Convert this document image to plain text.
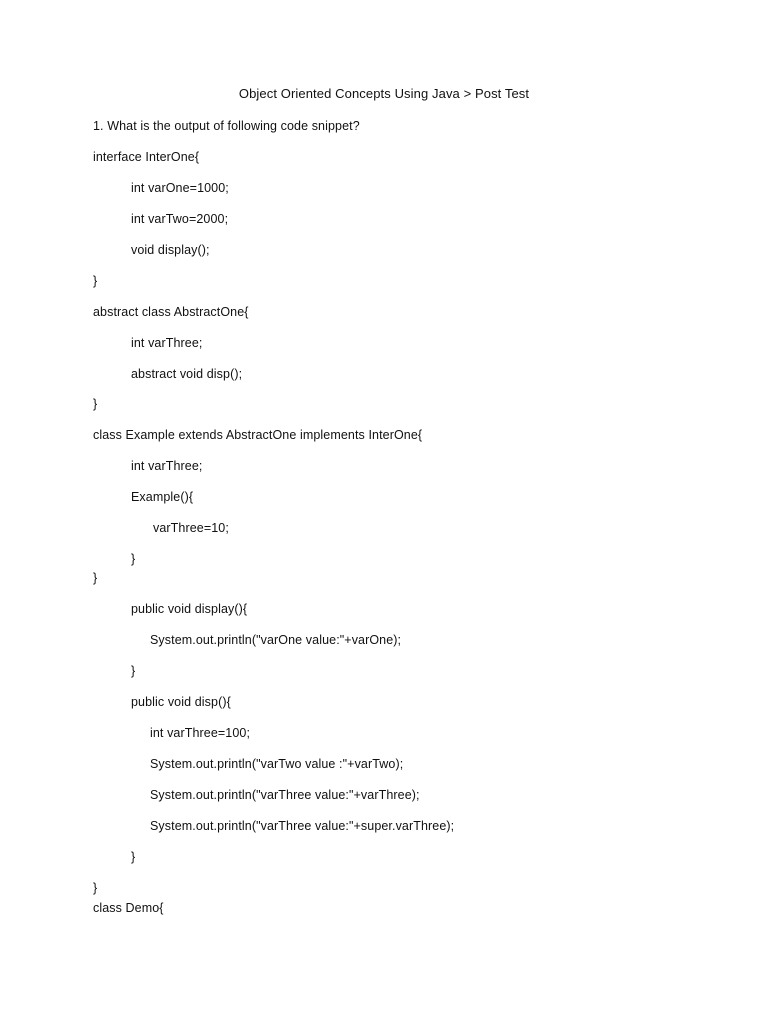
Object Oriented Concepts Using Java > Post Test
1. What is the output of following code snippet?
interface InterOne{
int varOne=1000;
int varTwo=2000;
void display();
}
abstract class AbstractOne{
int varThree;
abstract void disp();
}
class Example extends AbstractOne implements InterOne{
int varThree;
Example(){
varThree=10;
}
}
public void display(){
System.out.println("varOne value:"+varOne);
}
public void disp(){
int varThree=100;
System.out.println("varTwo value :"+varTwo);
System.out.println("varThree value:"+varThree);
System.out.println("varThree value:"+super.varThree);
}
}
class Demo{
